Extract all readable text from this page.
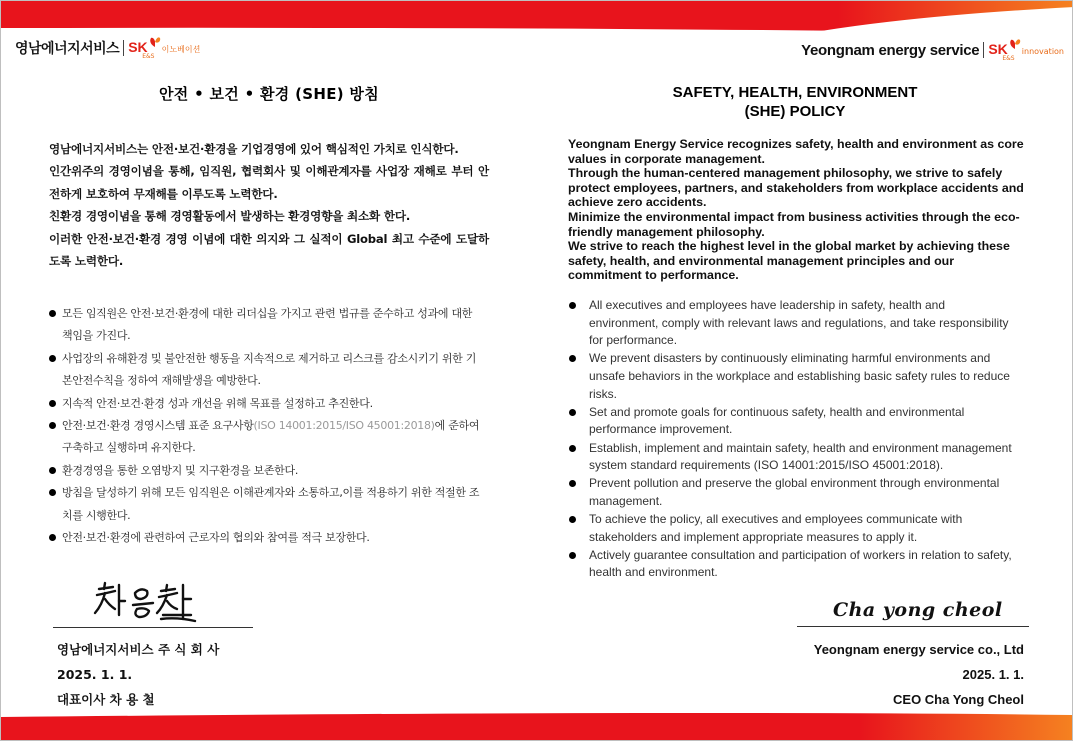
영남에너지서비스 SK 이노베이션
E&S	Yeongnam energy service SK innovation
E&S
안전 • 보건 • 환경 (SHE) 방침

영남에너지서비스는 안전·보건·환경을 기업경영에 있어 핵심적인 가치로 인식한다.

인간위주의 경영이념을 통해, 임직원, 협력회사 및 이해관계자를 사업장 재해로 부터 안전하게 보호하여 무재해를 이루도록 노력한다.

친환경 경영이념을 통해 경영활동에서 발생하는 환경영향을 최소화 한다.

이러한 안전·보건·환경 경영 이념에 대한 의지와 그 실적이 Global 최고 수준에 도달하도록 노력한다.

모든 임직원은 안전·보건·환경에 대한 리더십을 가지고 관련 법규를 준수하고 성과에 대한 책임을 가진다.
사업장의 유해환경 및 불안전한 행동을 지속적으로 제거하고 리스크를 감소시키기 위한 기본안전수칙을 정하여 재해발생을 예방한다.
지속적 안전·보건·환경 성과 개선을 위해 목표를 설정하고 추진한다.
안전·보건·환경 경영시스템 표준 요구사항(ISO 14001:2015/ISO 45001:2018)에 준하여 구축하고 실행하며 유지한다.
환경경영을 통한 오염방지 및 지구환경을 보존한다.
방침을 달성하기 위해 모든 임직원은 이해관계자와 소통하고,이를 적용하기 위한 적절한 조치를 시행한다.
안전·보건·환경에 관련하여 근로자의 협의와 참여를 적극 보장한다.
영남에너지서비스 주 식 회 사
2025. 1. 1.
대표이사 차 용 철
SAFETY, HEALTH, ENVIRONMENT
(SHE) POLICY

Yeongnam Energy Service recognizes safety, health and environment as core values in corporate management.

Through the human-centered management philosophy, we strive to safely protect employees, partners, and stakeholders from workplace accidents and achieve zero accidents.

Minimize the environmental impact from business activities through the eco-friendly management philosophy.

We strive to reach the highest level in the global market by achieving these safety, health, and environmental management principles and our commitment to performance.

All executives and employees have leadership in safety, health and environment, comply with relevant laws and regulations, and take responsibility for performance.
We prevent disasters by continuously eliminating harmful environments and unsafe behaviors in the workplace and establishing basic safety rules to reduce risks.
Set and promote goals for continuous safety, health and environmental performance improvement.
Establish, implement and maintain safety, health and environment management system standard requirements (ISO 14001:2015/ISO 45001:2018).
Prevent pollution and preserve the global environment through environmental management.
To achieve the policy, all executives and employees communicate with stakeholders and implement appropriate measures to apply it.
Actively guarantee consultation and participation of workers in relation to safety, health and environment.
Cha yong cheol
Yeongnam energy service co., Ltd
2025. 1. 1.
CEO Cha Yong Cheol
